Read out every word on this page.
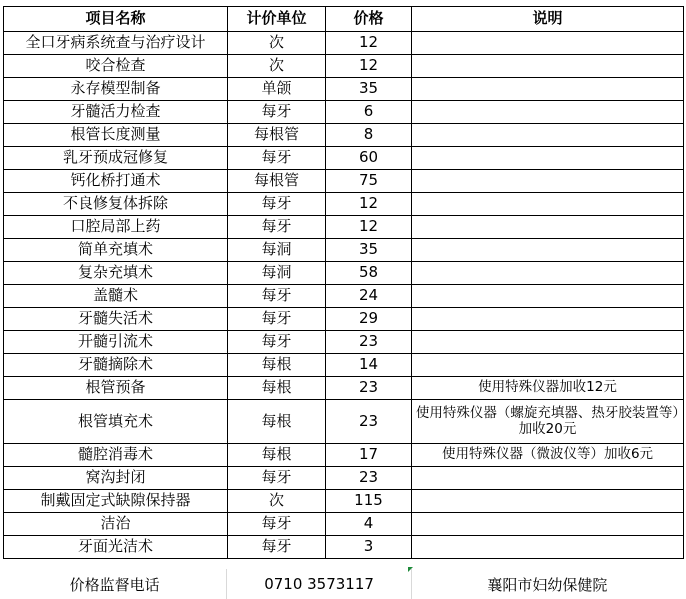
项目名称	计价单位	价格	说明
全口牙病系统查与治疗设计	次	12	
咬合检查	次	12	
永存模型制备	单颌	35	
牙髓活力检查	每牙	6	
根管长度测量	每根管	8	
乳牙预成冠修复	每牙	60	
钙化桥打通术	每根管	75	
不良修复体拆除	每牙	12	
口腔局部上药	每牙	12	
简单充填术	每洞	35	
复杂充填术	每洞	58	
盖髓术	每牙	24	
牙髓失活术	每牙	29	
开髓引流术	每牙	23	
牙髓摘除术	每根	14	
根管预备	每根	23	使用特殊仪器加收12元
根管填充术	每根	23	使用特殊仪器（螺旋充填器、热牙胶装置等）加收20元
髓腔消毒术	每根	17	使用特殊仪器（微波仪等）加收6元
窝沟封闭	每牙	23	
制戴固定式缺隙保持器	次	115	
洁治	每牙	4	
牙面光洁术	每牙	3	
价格监督电话	0710 3573117	襄阳市妇幼保健院
